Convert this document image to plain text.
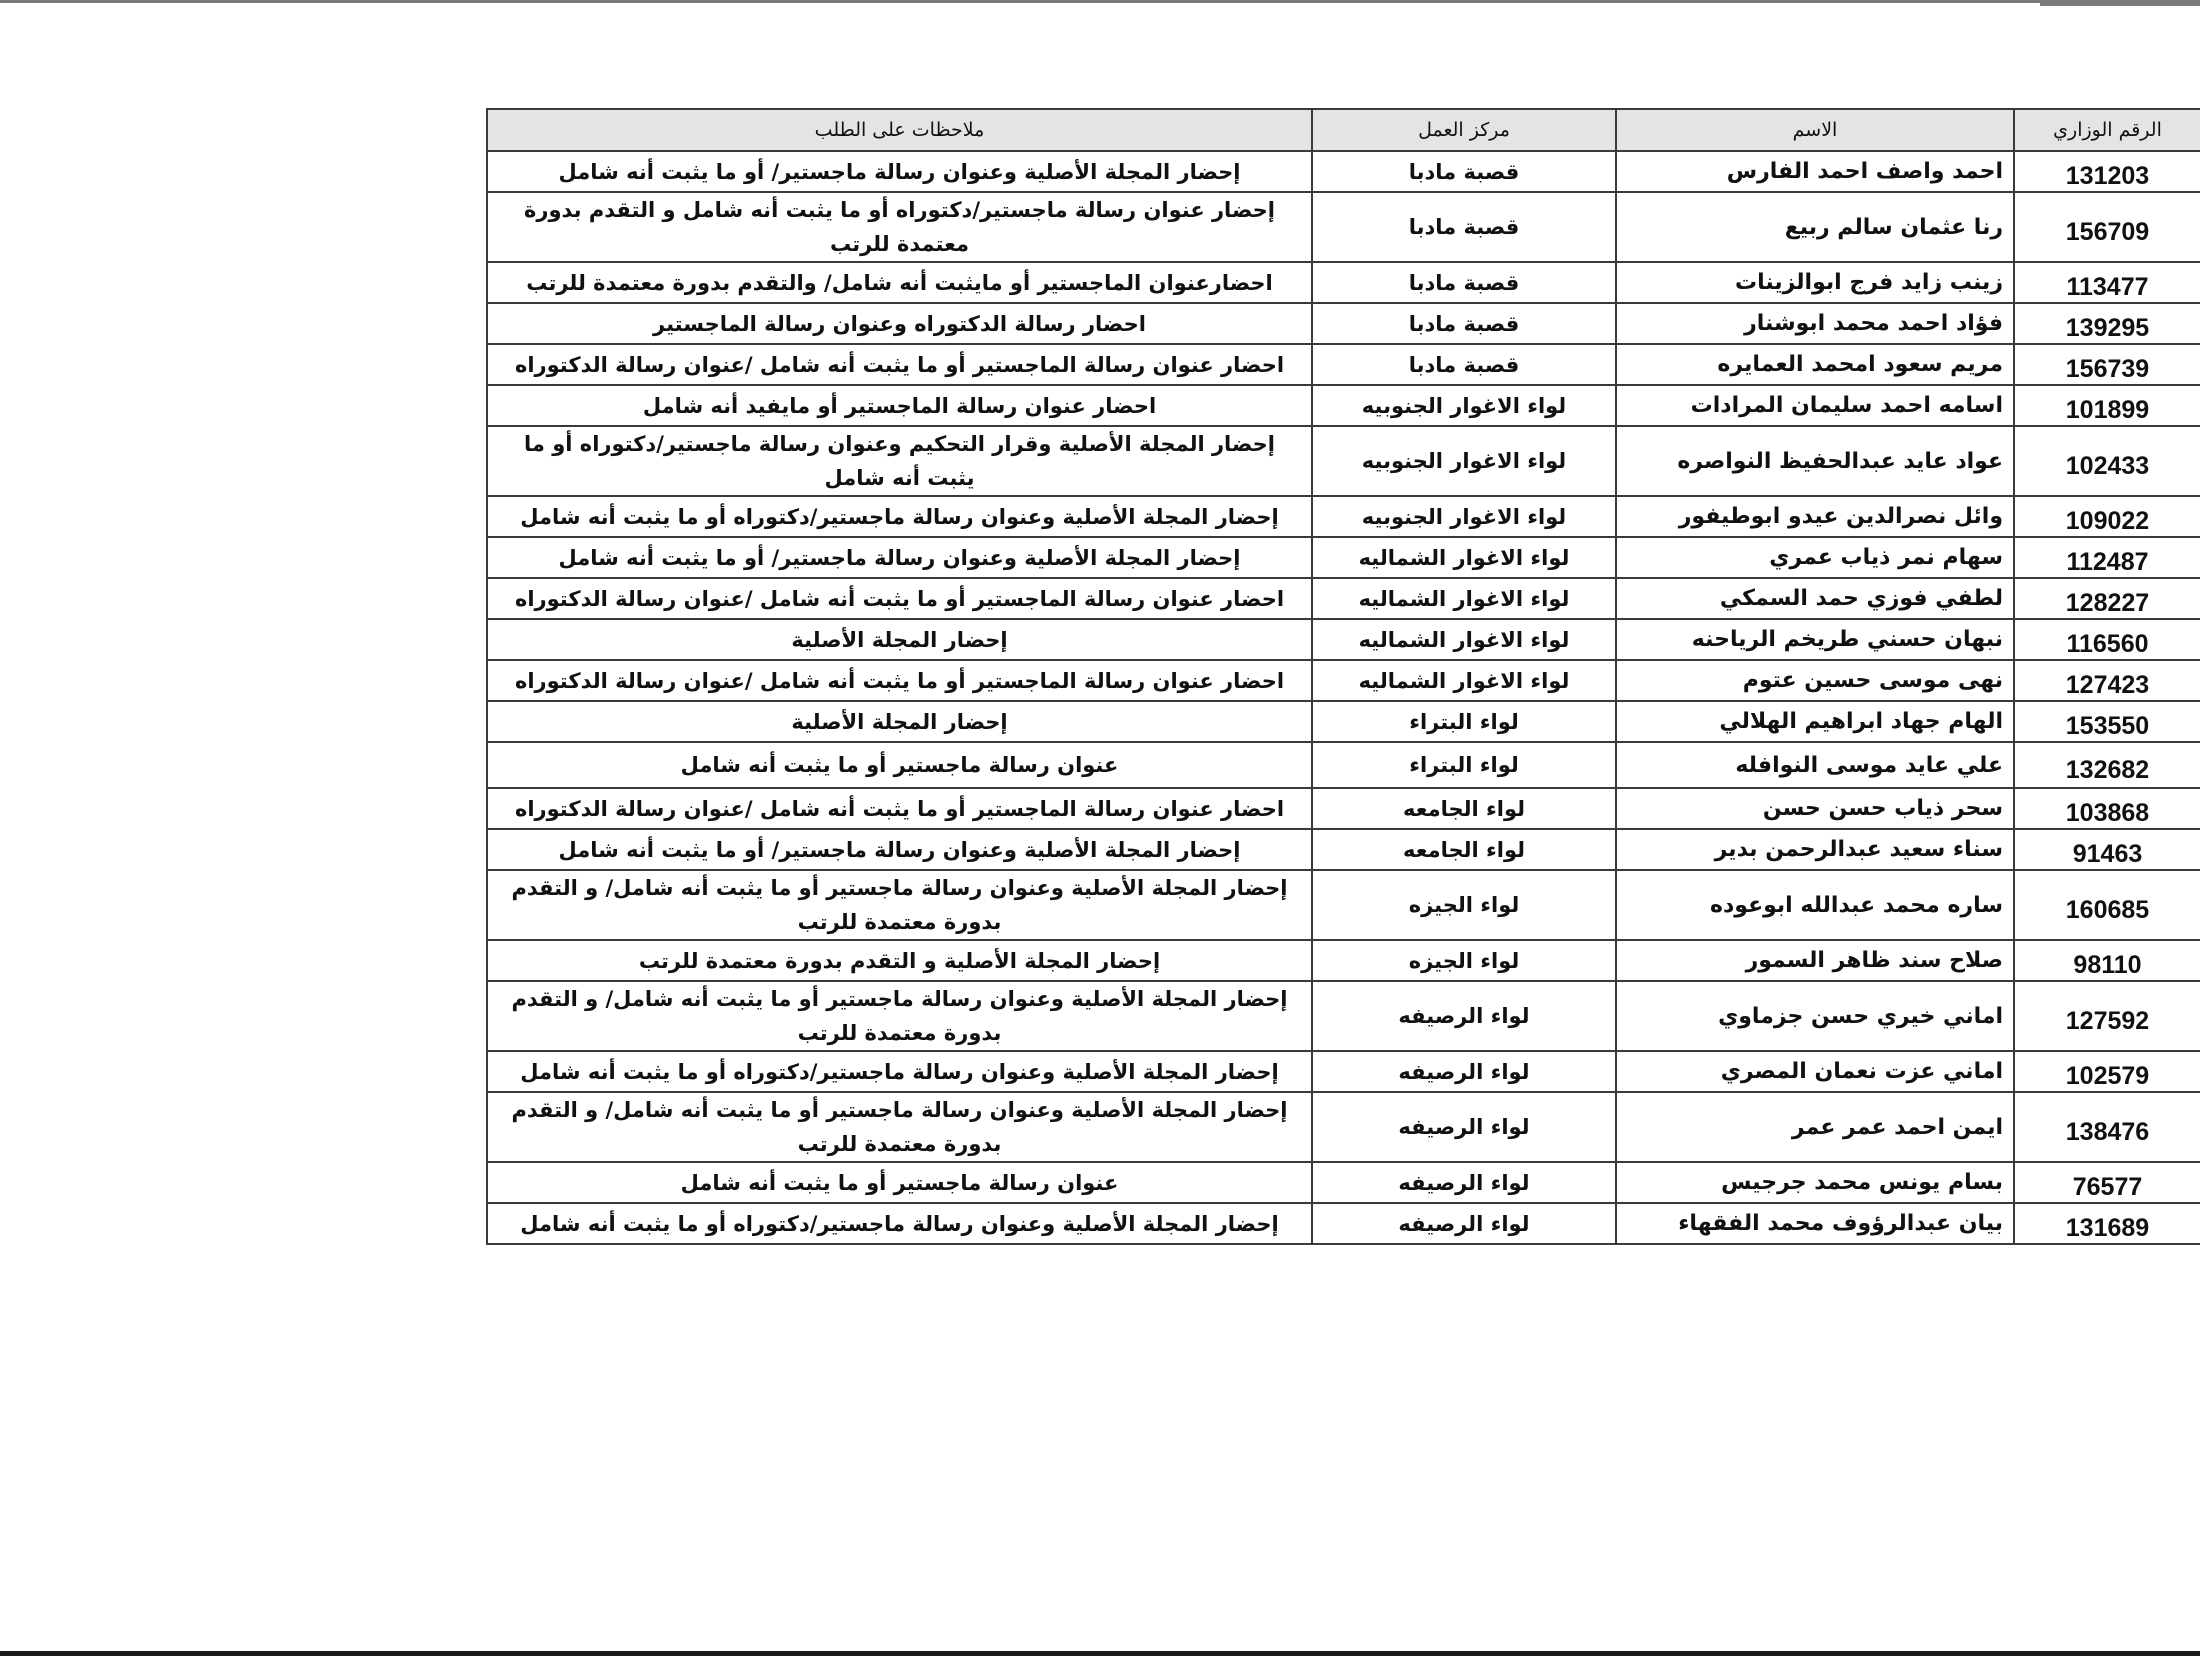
الرقم الوزاري	الاسم	مركز العمل	ملاحظات على الطلب
131203	احمد واصف احمد الفارس	قصبة مادبا	إحضار المجلة الأصلية وعنوان رسالة ماجستير/ أو ما يثبت أنه شامل
156709	رنا عثمان سالم ربيع	قصبة مادبا	إحضار عنوان رسالة ماجستير/دكتوراه أو ما يثبت أنه شامل و التقدم بدورة معتمدة للرتب
113477	زينب زايد فرج ابوالزينات	قصبة مادبا	احضارعنوان الماجستير أو مايثبت أنه شامل/ والتقدم بدورة معتمدة للرتب
139295	فؤاد احمد محمد ابوشنار	قصبة مادبا	احضار رسالة الدكتوراه وعنوان رسالة الماجستير
156739	مريم سعود امحمد العمايره	قصبة مادبا	احضار عنوان رسالة الماجستير أو ما يثبت أنه شامل /عنوان رسالة الدكتوراه
101899	اسامه احمد سليمان المرادات	لواء الاغوار الجنوبيه	احضار عنوان رسالة الماجستير أو مايفيد أنه شامل
102433	عواد عايد عبدالحفيظ النواصره	لواء الاغوار الجنوبيه	إحضار المجلة الأصلية وقرار التحكيم وعنوان رسالة ماجستير/دكتوراه أو ما يثبت أنه شامل
109022	وائل نصرالدين عيدو ابوطيفور	لواء الاغوار الجنوبيه	إحضار المجلة الأصلية وعنوان رسالة ماجستير/دكتوراه أو ما يثبت أنه شامل
112487	سهام نمر ذياب عمري	لواء الاغوار الشماليه	إحضار المجلة الأصلية وعنوان رسالة ماجستير/ أو ما يثبت أنه شامل
128227	لطفي فوزي حمد السمكي	لواء الاغوار الشماليه	احضار عنوان رسالة الماجستير أو ما يثبت أنه شامل /عنوان رسالة الدكتوراه
116560	نبهان حسني طريخم الرياحنه	لواء الاغوار الشماليه	إحضار المجلة الأصلية
127423	نهى موسى حسين عتوم	لواء الاغوار الشماليه	احضار عنوان رسالة الماجستير أو ما يثبت أنه شامل /عنوان رسالة الدكتوراه
153550	الهام جهاد ابراهيم الهلالي	لواء البتراء	إحضار المجلة الأصلية
132682	علي عايد موسى النوافله	لواء البتراء	عنوان رسالة ماجستير أو ما يثبت أنه شامل
103868	سحر ذياب حسن حسن	لواء الجامعه	احضار عنوان رسالة الماجستير أو ما يثبت أنه شامل /عنوان رسالة الدكتوراه
91463	سناء سعيد عبدالرحمن بدير	لواء الجامعه	إحضار المجلة الأصلية وعنوان رسالة ماجستير/ أو ما يثبت أنه شامل
160685	ساره محمد عبدالله ابوعوده	لواء الجيزه	إحضار المجلة الأصلية وعنوان رسالة ماجستير أو ما يثبت أنه شامل/ و التقدم بدورة معتمدة للرتب
98110	صلاح سند ظاهر السمور	لواء الجيزه	إحضار المجلة الأصلية و التقدم بدورة معتمدة للرتب
127592	اماني خيري حسن جزماوي	لواء الرصيفه	إحضار المجلة الأصلية وعنوان رسالة ماجستير أو ما يثبت أنه شامل/ و التقدم بدورة معتمدة للرتب
102579	اماني عزت نعمان المصري	لواء الرصيفه	إحضار المجلة الأصلية وعنوان رسالة ماجستير/دكتوراه أو ما يثبت أنه شامل
138476	ايمن احمد عمر عمر	لواء الرصيفه	إحضار المجلة الأصلية وعنوان رسالة ماجستير أو ما يثبت أنه شامل/ و التقدم بدورة معتمدة للرتب
76577	بسام يونس محمد جرجيس	لواء الرصيفه	عنوان رسالة ماجستير أو ما يثبت أنه شامل
131689	بيان عبدالرؤوف محمد الفقهاء	لواء الرصيفه	إحضار المجلة الأصلية وعنوان رسالة ماجستير/دكتوراه أو ما يثبت أنه شامل
